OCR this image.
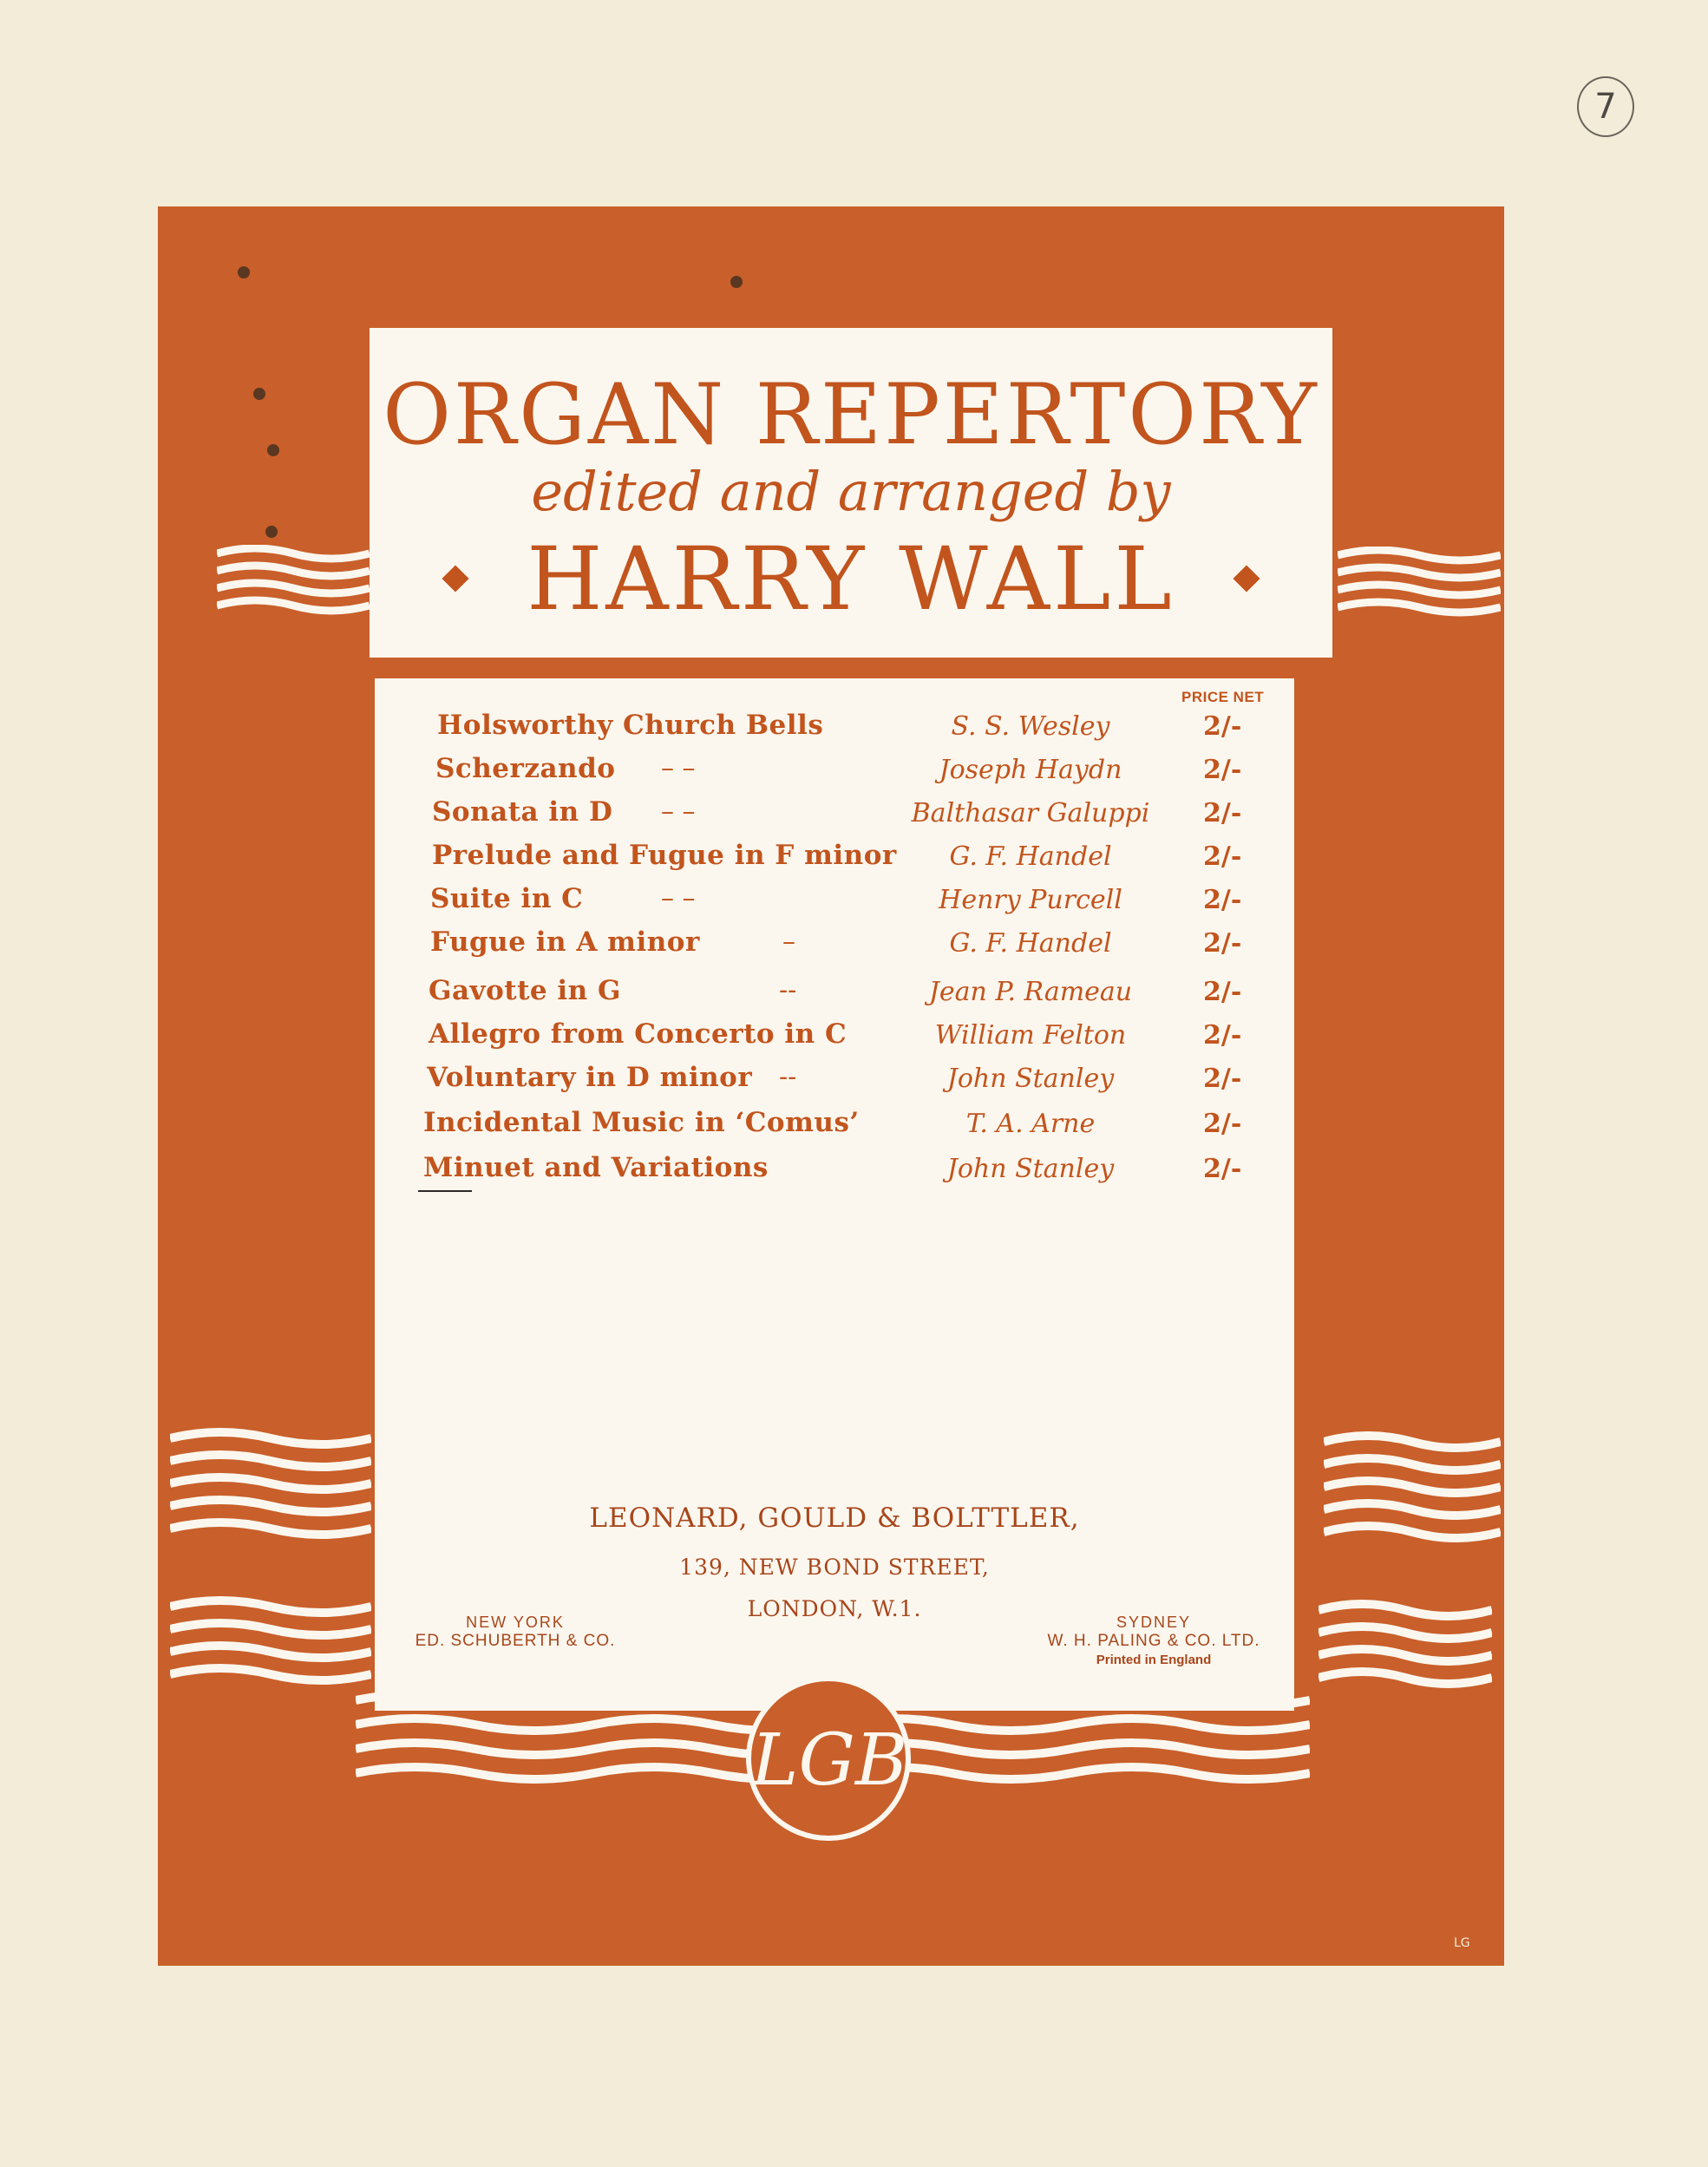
7
ORGAN REPERTORY
edited and arranged by
HARRY WALL
PRICE NET
Holsworthy Church Bells	S. S. Wesley	2/-
Scherzando – –	Joseph Haydn	2/-
Sonata in D – –	Balthasar Galuppi	2/-
Prelude and Fugue in F minor	G. F. Handel	2/-
Suite in C	– –	Henry Purcell	2/-
Fugue in A minor	–	G. F. Handel	2/-
Gavotte in G	--	Jean P. Rameau	2/-
Allegro from Concerto in C	William Felton	2/-
Voluntary in D minor --	John Stanley	2/-
Incidental Music in ‘Comus’	T. A. Arne	2/-
Minuet and Variations	John Stanley	2/-
LEONARD, GOULD & BOLTTLER,
139, NEW BOND STREET,
LONDON, W.1.
NEW YORK
ED. SCHUBERTH & CO.
SYDNEY
W. H. PALING & CO. LTD.
Printed in England
LGB
LG
